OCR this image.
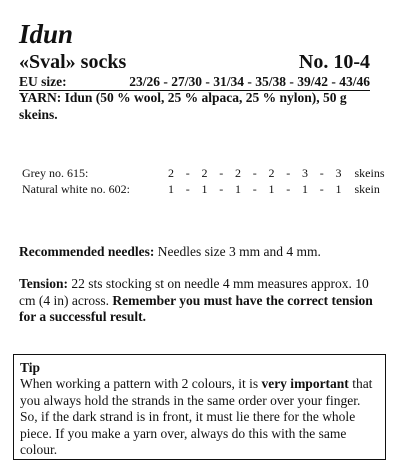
Idun
«Sval» socks	No. 10-4
EU size:	23/26 - 27/30 - 31/34 - 35/38 - 39/42 - 43/46
YARN: Idun (50 % wool, 25 % alpaca, 25 % nylon), 50 g skeins.
Grey no. 615:	2	-	2	-	2	-	2	-	3	-	3	skeins
Natural white no. 602:	1	-	1	-	1	-	1	-	1	-	1	skein
Recommended needles: Needles size 3 mm and 4 mm.
Tension: 22 sts stocking st on needle 4 mm measures approx. 10 cm (4 in) across. Remember you must have the correct tension for a successful result.
Tip
When working a pattern with 2 colours, it is very important that you always hold the strands in the same order over your finger. So, if the dark strand is in front, it must lie there for the whole piece. If you make a yarn over, always do this with the same colour.
